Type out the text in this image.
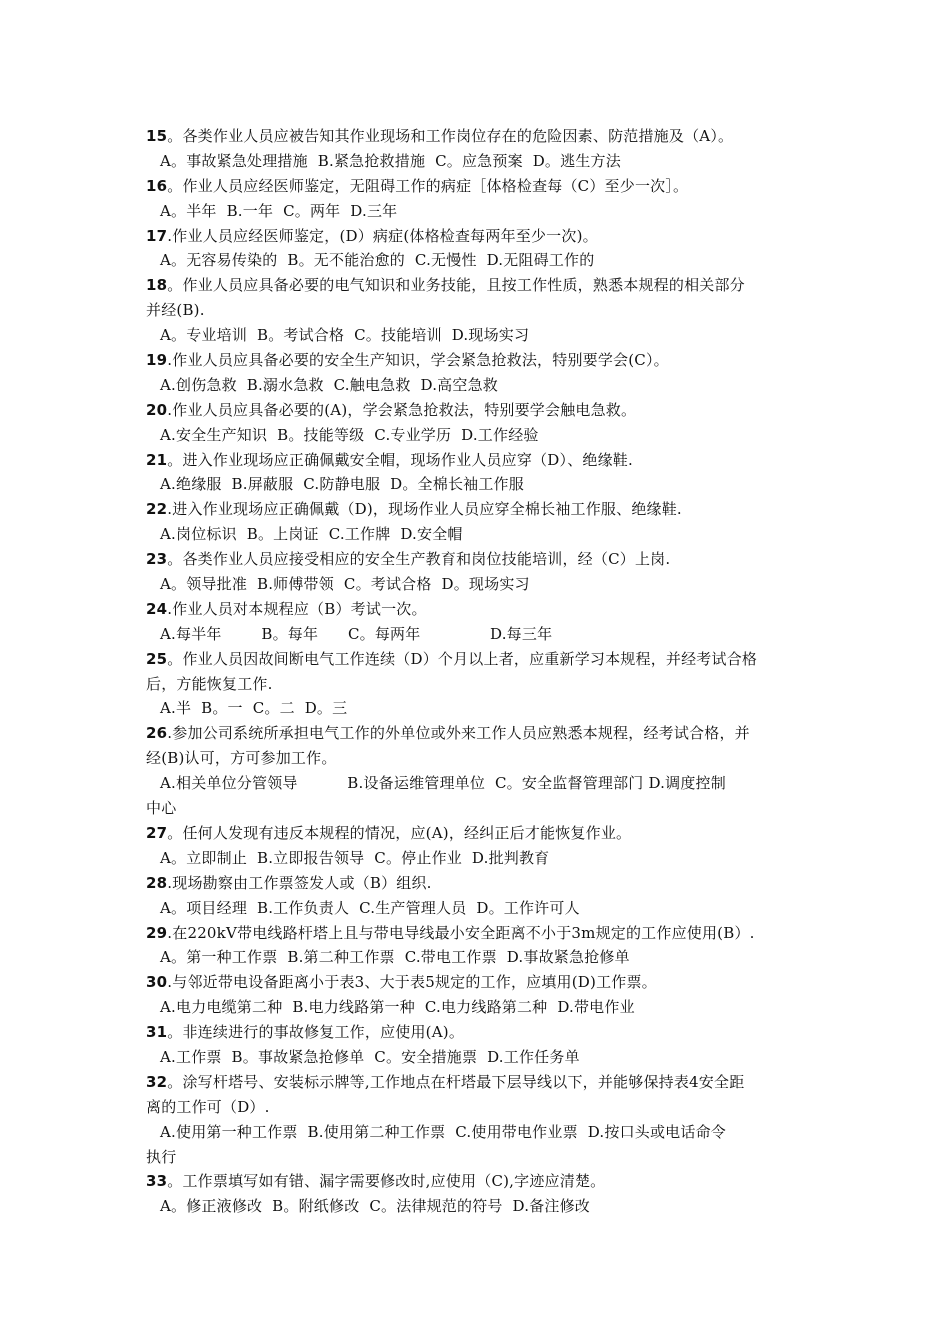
15。各类作业人员应被告知其作业现场和工作岗位存在的危险因素、防范措施及（A）。
A。事故紧急处理措施  B.紧急抢救措施  C。应急预案  D。逃生方法
16。作业人员应经医师鉴定，无阻碍工作的病症［体格检查每（C）至少一次］。
A。半年  B.一年  C。两年  D.三年
17.作业人员应经医师鉴定，(D）病症(体格检查每两年至少一次)。
A。无容易传染的  B。无不能治愈的  C.无慢性  D.无阻碍工作的
18。作业人员应具备必要的电气知识和业务技能，且按工作性质，熟悉本规程的相关部分
并经(B).
A。专业培训  B。考试合格  C。技能培训  D.现场实习
19.作业人员应具备必要的安全生产知识，学会紧急抢救法，特别要学会(C）。
A.创伤急救  B.溺水急救  C.触电急救  D.高空急救
20.作业人员应具备必要的(A)，学会紧急抢救法，特别要学会触电急救。
A.安全生产知识  B。技能等级  C.专业学历  D.工作经验
21。进入作业现场应正确佩戴安全帽，现场作业人员应穿（D）、绝缘鞋.
A.绝缘服  B.屏蔽服  C.防静电服  D。全棉长袖工作服
22.进入作业现场应正确佩戴（D)，现场作业人员应穿全棉长袖工作服、绝缘鞋.
A.岗位标识  B。上岗证  C.工作牌  D.安全帽
23。各类作业人员应接受相应的安全生产教育和岗位技能培训，经（C）上岗.
A。领导批准  B.师傅带领  C。考试合格  D。现场实习
24.作业人员对本规程应（B）考试一次。
A.每半年        B。每年      C。每两年              D.每三年
25。作业人员因故间断电气工作连续（D）个月以上者，应重新学习本规程，并经考试合格
后，方能恢复工作.
A.半  B。一  C。二  D。三
26.参加公司系统所承担电气工作的外单位或外来工作人员应熟悉本规程，经考试合格，并
经(B)认可，方可参加工作。
A.相关单位分管领导          B.设备运维管理单位  C。安全监督管理部门 D.调度控制
中心
27。任何人发现有违反本规程的情况，应(A)，经纠正后才能恢复作业。
A。立即制止  B.立即报告领导  C。停止作业  D.批判教育
28.现场勘察由工作票签发人或（B）组织.
A。项目经理  B.工作负责人  C.生产管理人员  D。工作许可人
29.在220kV带电线路杆塔上且与带电导线最小安全距离不小于3m规定的工作应使用(B）.
A。第一种工作票  B.第二种工作票  C.带电工作票  D.事故紧急抢修单
30.与邻近带电设备距离小于表3、大于表5规定的工作，应填用(D)工作票。
A.电力电缆第二种  B.电力线路第一种  C.电力线路第二种  D.带电作业
31。非连续进行的事故修复工作，应使用(A)。
A.工作票  B。事故紧急抢修单  C。安全措施票  D.工作任务单
32。涂写杆塔号、安装标示牌等,工作地点在杆塔最下层导线以下，并能够保持表4安全距
离的工作可（D）.
A.使用第一种工作票  B.使用第二种工作票  C.使用带电作业票  D.按口头或电话命令
执行
33。工作票填写如有错、漏字需要修改时,应使用（C),字迹应清楚。
A。修正液修改  B。附纸修改  C。法律规范的符号  D.备注修改
